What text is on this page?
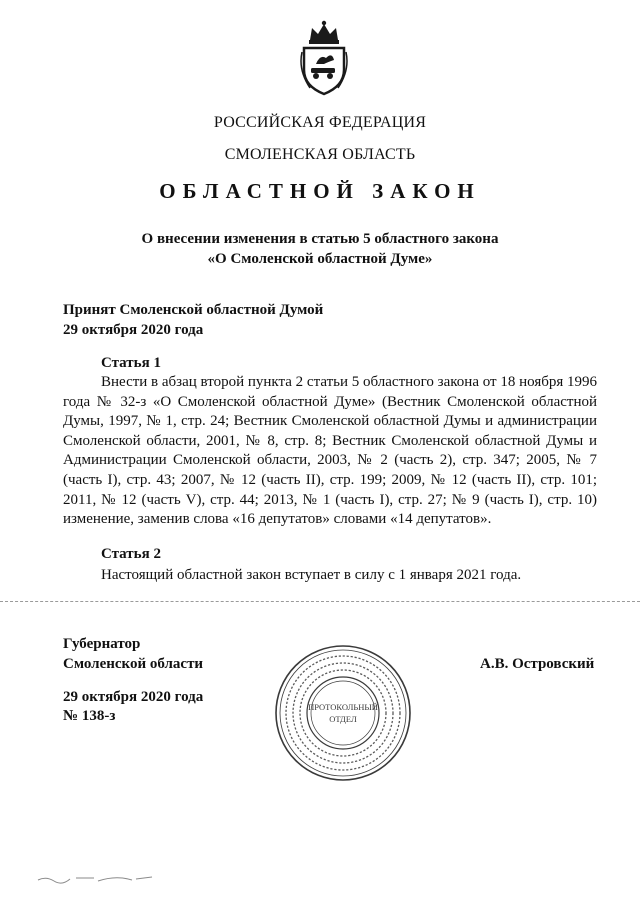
РОССИЙСКАЯ ФЕДЕРАЦИЯ
СМОЛЕНСКАЯ ОБЛАСТЬ
ОБЛАСТНОЙ ЗАКОН
О внесении изменения в статью 5 областного закона
«О Смоленской областной Думе»
Принят Смоленской областной Думой
29 октября 2020 года
Статья 1
Внести в абзац второй пункта 2 статьи 5 областного закона от 18 ноября 1996 года № 32-з «О Смоленской областной Думе» (Вестник Смоленской областной Думы, 1997, № 1, стр. 24; Вестник Смоленской областной Думы и администрации Смоленской области, 2001, № 8, стр. 8; Вестник Смоленской областной Думы и Администрации Смоленской области, 2003, № 2 (часть 2), стр. 347; 2005, № 7 (часть I), стр. 43; 2007, № 12 (часть II), стр. 199; 2009, № 12 (часть II), стр. 101; 2011, № 12 (часть V), стр. 44; 2013, № 1 (часть I), стр. 27; № 9 (часть I), стр. 10) изменение, заменив слова «16 депутатов» словами «14 депутатов».
Статья 2
Настоящий областной закон вступает в силу с 1 января 2021 года.
Губернатор
Смоленской области	А.В. Островский
29 октября 2020 года
№ 138-з
ПРОТОКОЛЬНЫЙ
ОТДЕЛ
